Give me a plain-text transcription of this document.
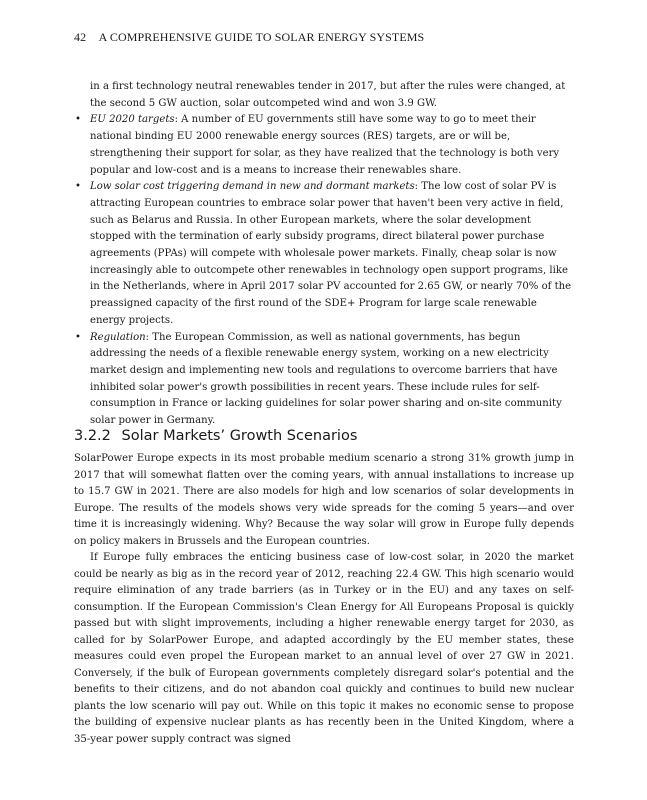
42 A COMPREHENSIVE GUIDE TO SOLAR ENERGY SYSTEMS
in a first technology neutral renewables tender in 2017, but after the rules were changed, at the second 5 GW auction, solar outcompeted wind and won 3.9 GW.
• EU 2020 targets: A number of EU governments still have some way to go to meet their national binding EU 2000 renewable energy sources (RES) targets, are or will be, strengthening their support for solar, as they have realized that the technology is both very popular and low-cost and is a means to increase their renewables share.
• Low solar cost triggering demand in new and dormant markets: The low cost of solar PV is attracting European countries to embrace solar power that haven't been very active in field, such as Belarus and Russia. In other European markets, where the solar development stopped with the termination of early subsidy programs, direct bilateral power purchase agreements (PPAs) will compete with wholesale power markets. Finally, cheap solar is now increasingly able to outcompete other renewables in technology open support programs, like in the Netherlands, where in April 2017 solar PV accounted for 2.65 GW, or nearly 70% of the preassigned capacity of the first round of the SDE+ Program for large scale renewable energy projects.
• Regulation: The European Commission, as well as national governments, has begun addressing the needs of a flexible renewable energy system, working on a new electricity market design and implementing new tools and regulations to overcome barriers that have inhibited solar power's growth possibilities in recent years. These include rules for self-consumption in France or lacking guidelines for solar power sharing and on-site community solar power in Germany.
3.2.2 Solar Markets’ Growth Scenarios

SolarPower Europe expects in its most probable medium scenario a strong 31% growth jump in 2017 that will somewhat flatten over the coming years, with annual installations to increase up to 15.7 GW in 2021. There are also models for high and low scenarios of solar developments in Europe. The results of the models shows very wide spreads for the coming 5 years—and over time it is increasingly widening. Why? Because the way solar will grow in Europe fully depends on policy makers in Brussels and the European countries.

If Europe fully embraces the enticing business case of low-cost solar, in 2020 the market could be nearly as big as in the record year of 2012, reaching 22.4 GW. This high scenario would require elimination of any trade barriers (as in Turkey or in the EU) and any taxes on self-consumption. If the European Commission's Clean Energy for All Europeans Proposal is quickly passed but with slight improvements, including a higher renewable energy target for 2030, as called for by SolarPower Europe, and adapted accordingly by the EU member states, these measures could even propel the European market to an annual level of over 27 GW in 2021. Conversely, if the bulk of European governments completely disregard solar's potential and the benefits to their citizens, and do not abandon coal quickly and continues to build new nuclear plants the low scenario will pay out. While on this topic it makes no economic sense to propose the building of expensive nuclear plants as has recently been in the United Kingdom, where a 35-year power supply contract was signed
